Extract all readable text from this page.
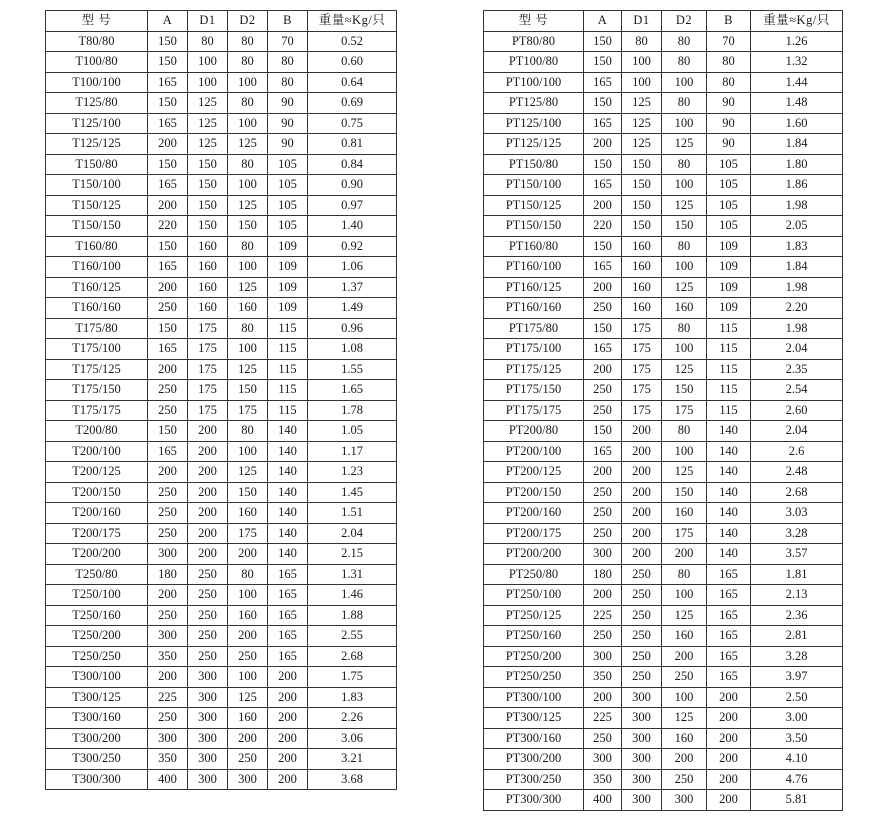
型 号	A	D1	D2	B	重量≈Kg/只
T80/80	150	80	80	70	0.52
T100/80	150	100	80	80	0.60
T100/100	165	100	100	80	0.64
T125/80	150	125	80	90	0.69
T125/100	165	125	100	90	0.75
T125/125	200	125	125	90	0.81
T150/80	150	150	80	105	0.84
T150/100	165	150	100	105	0.90
T150/125	200	150	125	105	0.97
T150/150	220	150	150	105	1.40
T160/80	150	160	80	109	0.92
T160/100	165	160	100	109	1.06
T160/125	200	160	125	109	1.37
T160/160	250	160	160	109	1.49
T175/80	150	175	80	115	0.96
T175/100	165	175	100	115	1.08
T175/125	200	175	125	115	1.55
T175/150	250	175	150	115	1.65
T175/175	250	175	175	115	1.78
T200/80	150	200	80	140	1.05
T200/100	165	200	100	140	1.17
T200/125	200	200	125	140	1.23
T200/150	250	200	150	140	1.45
T200/160	250	200	160	140	1.51
T200/175	250	200	175	140	2.04
T200/200	300	200	200	140	2.15
T250/80	180	250	80	165	1.31
T250/100	200	250	100	165	1.46
T250/160	250	250	160	165	1.88
T250/200	300	250	200	165	2.55
T250/250	350	250	250	165	2.68
T300/100	200	300	100	200	1.75
T300/125	225	300	125	200	1.83
T300/160	250	300	160	200	2.26
T300/200	300	300	200	200	3.06
T300/250	350	300	250	200	3.21
T300/300	400	300	300	200	3.68
型 号	A	D1	D2	B	重量≈Kg/只
PT80/80	150	80	80	70	1.26
PT100/80	150	100	80	80	1.32
PT100/100	165	100	100	80	1.44
PT125/80	150	125	80	90	1.48
PT125/100	165	125	100	90	1.60
PT125/125	200	125	125	90	1.84
PT150/80	150	150	80	105	1.80
PT150/100	165	150	100	105	1.86
PT150/125	200	150	125	105	1.98
PT150/150	220	150	150	105	2.05
PT160/80	150	160	80	109	1.83
PT160/100	165	160	100	109	1.84
PT160/125	200	160	125	109	1.98
PT160/160	250	160	160	109	2.20
PT175/80	150	175	80	115	1.98
PT175/100	165	175	100	115	2.04
PT175/125	200	175	125	115	2.35
PT175/150	250	175	150	115	2.54
PT175/175	250	175	175	115	2.60
PT200/80	150	200	80	140	2.04
PT200/100	165	200	100	140	2.6
PT200/125	200	200	125	140	2.48
PT200/150	250	200	150	140	2.68
PT200/160	250	200	160	140	3.03
PT200/175	250	200	175	140	3.28
PT200/200	300	200	200	140	3.57
PT250/80	180	250	80	165	1.81
PT250/100	200	250	100	165	2.13
PT250/125	225	250	125	165	2.36
PT250/160	250	250	160	165	2.81
PT250/200	300	250	200	165	3.28
PT250/250	350	250	250	165	3.97
PT300/100	200	300	100	200	2.50
PT300/125	225	300	125	200	3.00
PT300/160	250	300	160	200	3.50
PT300/200	300	300	200	200	4.10
PT300/250	350	300	250	200	4.76
PT300/300	400	300	300	200	5.81
